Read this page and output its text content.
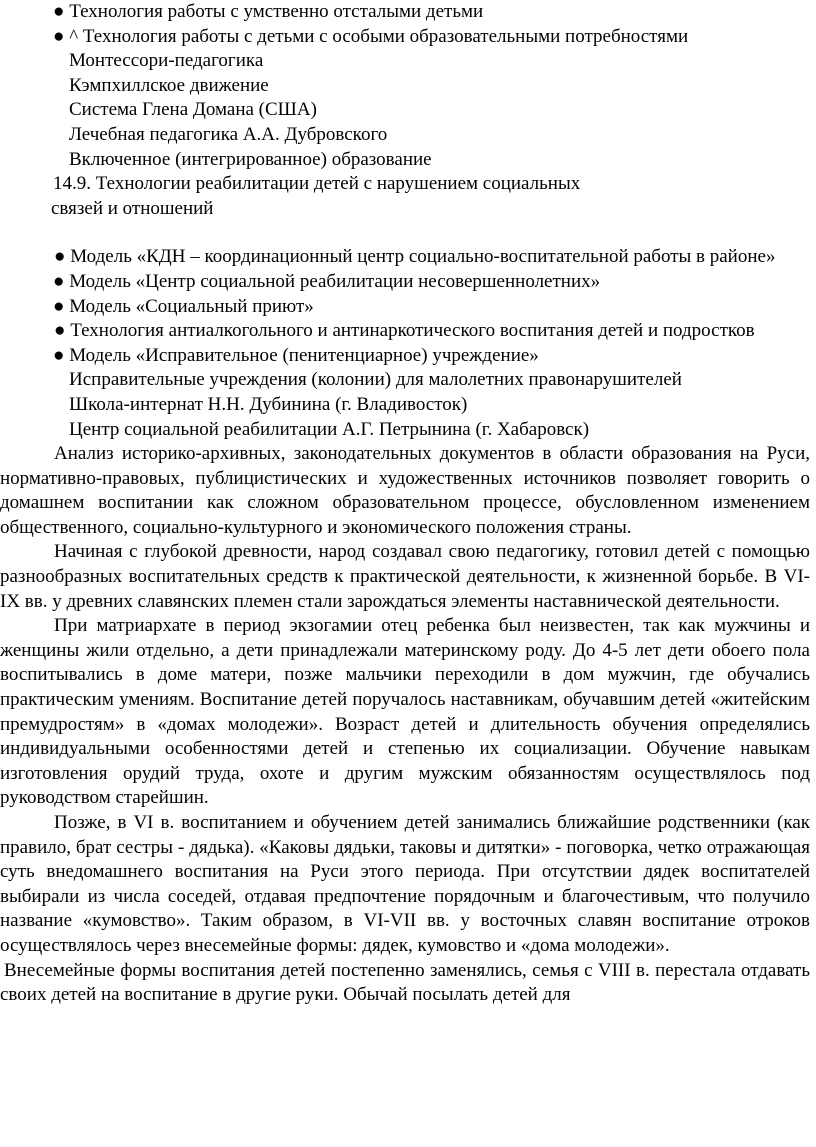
● Технология работы с умственно отсталыми детьми
● ^ Технология работы с детьми с особыми образовательными потребностями
Монтессори-педагогика
Кэмпхиллское движение
Система Глена Домана (США)
Лечебная педагогика А.А. Дубровского
Включенное (интегрированное) образование
14.9. Технологии реабилитации детей с нарушением социальных
связей и отношений

● Модель «КДН – координационный центр социально-воспитательной работы в районе»

● Модель «Центр социальной реабилитации несовершеннолетних»
● Модель «Социальный приют»

● Технология антиалкогольного и антинаркотического воспитания детей и подростков

● Модель «Исправительное (пенитенциарное) учреждение»
Исправительные учреждения (колонии) для малолетних правонарушителей
Школа-интернат Н.Н. Дубинина (г. Владивосток)
Центр социальной реабилитации А.Г. Петрынина (г. Хабаровск)

Анализ историко-архивных, законодательных документов в области образования на Руси, нормативно-правовых, публицистических и художественных источников позволяет говорить о домашнем воспитании как сложном образовательном процессе, обусловленном изменением общественного, социально-культурного и экономического положения страны.

Начиная с глубокой древности, народ создавал свою педагогику, готовил детей с помощью разнообразных воспитательных средств к практической деятельности, к жизненной борьбе. В VI-IX вв. у древних славянских племен стали зарождаться элементы наставнической деятельности.

При матриархате в период экзогамии отец ребенка был неизвестен, так как мужчины и женщины жили отдельно, а дети принадлежали материнскому роду. До 4-5 лет дети обоего пола воспитывались в доме матери, позже мальчики переходили в дом мужчин, где обучались практическим умениям. Воспитание детей поручалось наставникам, обучавшим детей «житейским премудростям» в «домах молодежи». Возраст детей и длительность обучения определялись индивидуальными особенностями детей и степенью их социализации. Обучение навыкам изготовления орудий труда, охоте и другим мужским обязанностям осуществлялось под руководством старейшин.

Позже, в VI в. воспитанием и обучением детей занимались ближайшие родственники (как правило, брат сестры - дядька). «Каковы дядьки, таковы и дитятки» - поговорка, четко отражающая суть внедомашнего воспитания на Руси этого периода. При отсутствии дядек воспитателей выбирали из числа соседей, отдавая предпочтение порядочным и благочестивым, что получило название «кумовство». Таким образом, в VI-VII вв. у восточных славян воспитание отроков осуществлялось через внесемейные формы: дядек, кумовство и «дома молодежи».

Внесемейные формы воспитания детей постепенно заменялись, семья с VIII в. перестала отдавать своих детей на воспитание в другие руки. Обычай посылать детей для
